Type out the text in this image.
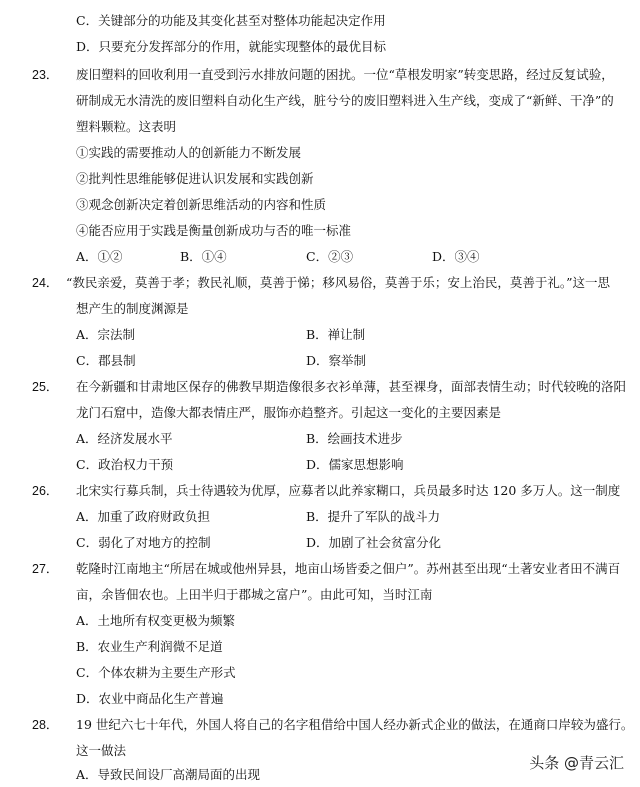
C．关键部分的功能及其变化甚至对整体功能起决定作用
D．只要充分发挥部分的作用，就能实现整体的最优目标
23． 废旧塑料的回收利用一直受到污水排放问题的困扰。一位“草根发明家”转变思路，经过反复试验，
研制成无水清洗的废旧塑料自动化生产线，脏兮兮的废旧塑料进入生产线，变成了“新鲜、干净”的
塑料颗粒。这表明
①实践的需要推动人的创新能力不断发展
②批判性思维能够促进认识发展和实践创新
③观念创新决定着创新思维活动的内容和性质
④能否应用于实践是衡量创新成功与否的唯一标准
A．①②	B．①④	C．②③	D．③④
24． “教民亲爱，莫善于孝；教民礼顺，莫善于悌；移风易俗，莫善于乐；安上治民，莫善于礼。”这一思
想产生的制度渊源是
A．宗法制	B．禅让制
C．郡县制	D．察举制
25． 在今新疆和甘肃地区保存的佛教早期造像很多衣衫单薄，甚至裸身，面部表情生动；时代较晚的洛阳
龙门石窟中，造像大都表情庄严，服饰亦趋整齐。引起这一变化的主要因素是
A．经济发展水平	B．绘画技术进步
C．政治权力干预	D．儒家思想影响
26． 北宋实行募兵制，兵士待遇较为优厚，应募者以此养家糊口，兵员最多时达 120 多万人。这一制度
A．加重了政府财政负担	B．提升了军队的战斗力
C．弱化了对地方的控制	D．加剧了社会贫富分化
27． 乾隆时江南地主“所居在城或他州异县，地亩山场皆委之佃户”。苏州甚至出现“土著安业者田不满百
亩，余皆佃农也。上田半归于郡城之富户”。由此可知，当时江南
A．土地所有权变更极为频繁
B．农业生产利润微不足道
C．个体农耕为主要生产形式
D．农业中商品化生产普遍
28． 19 世纪六七十年代，外国人将自己的名字租借给中国人经办新式企业的做法，在通商口岸较为盛行。
这一做法
A．导致民间设厂高潮局面的出现
头条 @青云汇
